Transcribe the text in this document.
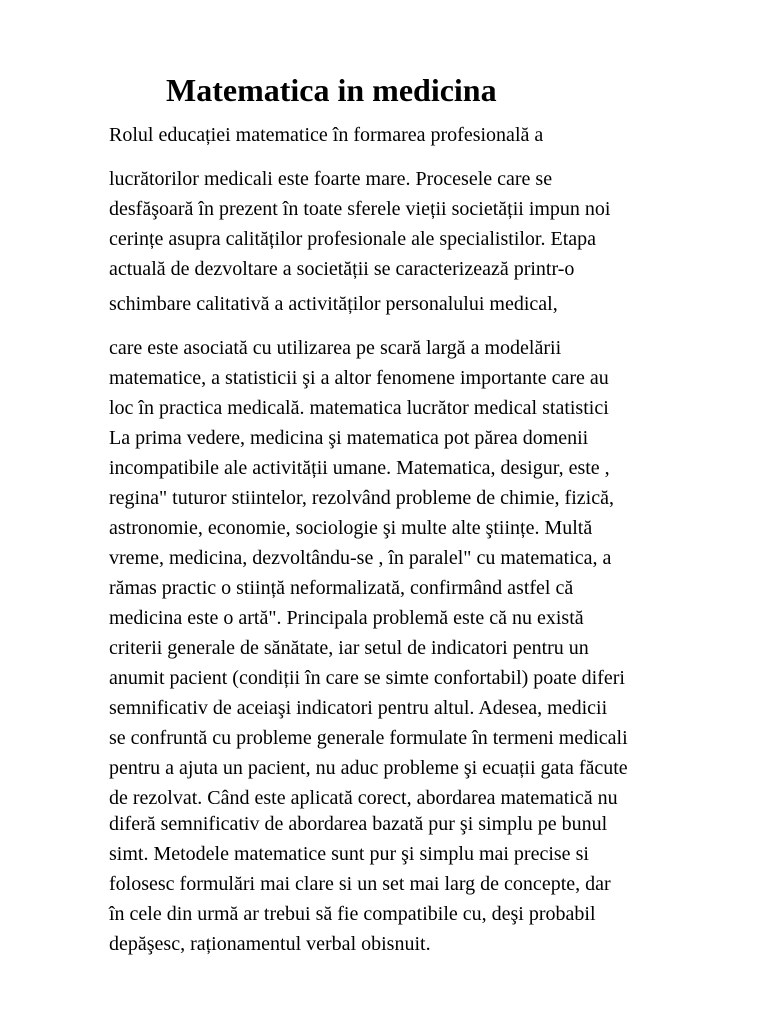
Matematica in medicina
Rolul educației matematice în formarea profesională a
lucrătorilor medicali este foarte mare. Procesele care se
desfăşoară în prezent în toate sferele vieții societății impun noi
cerințe asupra calităților profesionale ale specialistilor. Etapa
actuală de dezvoltare a societății se caracterizează printr-o
schimbare calitativă a activităților personalului medical,
care este asociată cu utilizarea pe scară largă a modelării
matematice, a statisticii şi a altor fenomene importante care au
loc în practica medicală. matematica lucrător medical statistici
La prima vedere, medicina şi matematica pot părea domenii
incompatibile ale activității umane. Matematica, desigur, este ,
regina" tuturor stiintelor, rezolvând probleme de chimie, fizică,
astronomie, economie, sociologie şi multe alte ştiințe. Multă
vreme, medicina, dezvoltându-se , în paralel" cu matematica, a
rămas practic o stiință neformalizată, confirmând astfel că
medicina este o artă". Principala problemă este că nu există
criterii generale de sănătate, iar setul de indicatori pentru un
anumit pacient (condiții în care se simte confortabil) poate diferi
semnificativ de aceiaşi indicatori pentru altul. Adesea, medicii
se confruntă cu probleme generale formulate în termeni medicali
pentru a ajuta un pacient, nu aduc probleme şi ecuații gata făcute
de rezolvat. Când este aplicată corect, abordarea matematică nu
diferă semnificativ de abordarea bazată pur şi simplu pe bunul
simt. Metodele matematice sunt pur şi simplu mai precise si
folosesc formulări mai clare si un set mai larg de concepte, dar
în cele din urmă ar trebui să fie compatibile cu, deşi probabil
depăşesc, raționamentul verbal obisnuit.
